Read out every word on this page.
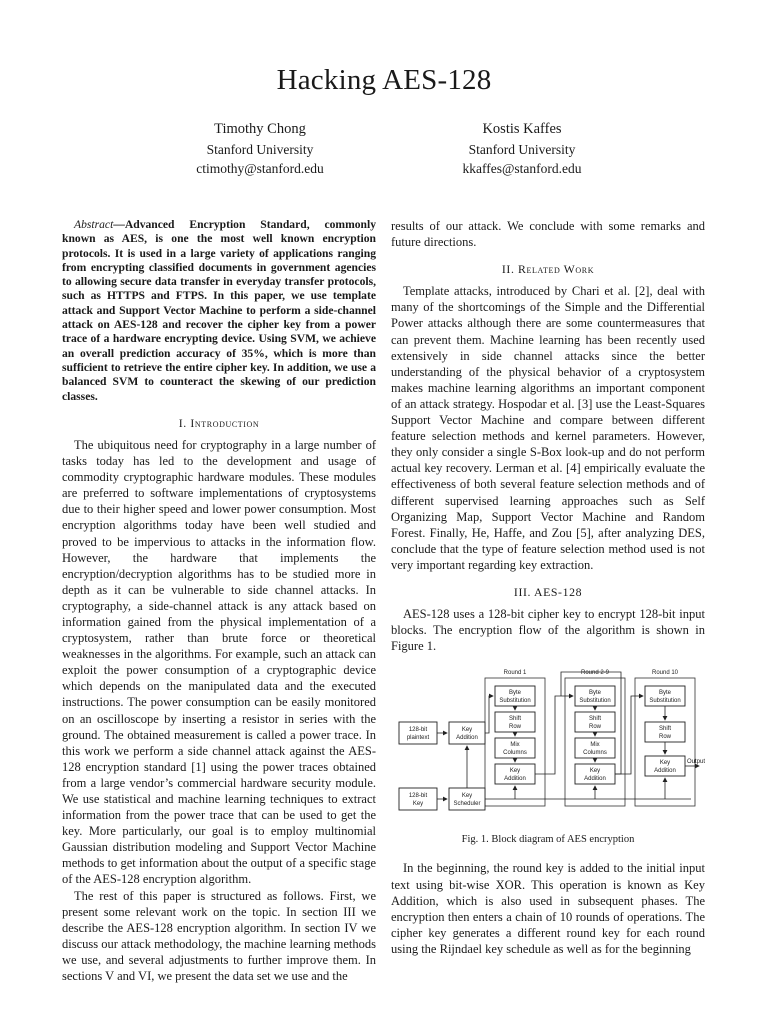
Hacking AES-128
Timothy Chong
Stanford University
ctimothy@stanford.edu
Kostis Kaffes
Stanford University
kkaffes@stanford.edu

Abstract—Advanced Encryption Standard, commonly known as AES, is one the most well known encryption protocols. It is used in a large variety of applications ranging from encrypting classified documents in government agencies to allowing secure data transfer in everyday transfer protocols, such as HTTPS and FTPS. In this paper, we use template attack and Support Vector Machine to perform a side-channel attack on AES-128 and recover the cipher key from a power trace of a hardware encrypting device. Using SVM, we achieve an overall prediction accuracy of 35%, which is more than sufficient to retrieve the entire cipher key. In addition, we use a balanced SVM to counteract the skewing of our prediction classes.

I. Introduction

The ubiquitous need for cryptography in a large number of tasks today has led to the development and usage of commodity cryptographic hardware modules. These modules are preferred to software implementations of cryptosystems due to their higher speed and lower power consumption. Most encryption algorithms today have been well studied and proved to be impervious to attacks in the information flow. However, the hardware that implements the encryption/decryption algorithms has to be studied more in depth as it can be vulnerable to side channel attacks. In cryptography, a side-channel attack is any attack based on information gained from the physical implementation of a cryptosystem, rather than brute force or theoretical weaknesses in the algorithms. For example, such an attack can exploit the power consumption of a cryptographic device which depends on the manipulated data and the executed instructions. The power consumption can be easily monitored on an oscilloscope by inserting a resistor in series with the ground. The obtained measurement is called a power trace. In this work we perform a side channel attack against the AES-128 encryption standard [1] using the power traces obtained from a large vendor’s commercial hardware security module. We use statistical and machine learning techniques to extract information from the power trace that can be used to get the key. More particularly, our goal is to employ multinomial Gaussian distribution modeling and Support Vector Machine methods to get information about the output of a specific stage of the AES-128 encryption algorithm.

The rest of this paper is structured as follows. First, we present some relevant work on the topic. In section III we describe the AES-128 encryption algorithm. In section IV we discuss our attack methodology, the machine learning methods we use, and several adjustments to further improve them. In sections V and VI, we present the data set we use and the

results of our attack. We conclude with some remarks and future directions.

II. Related Work

Template attacks, introduced by Chari et al. [2], deal with many of the shortcomings of the Simple and the Differential Power attacks although there are some countermeasures that can prevent them. Machine learning has been recently used extensively in side channel attacks since the better understanding of the physical behavior of a cryptosystem makes machine learning algorithms an important component of an attack strategy. Hospodar et al. [3] use the Least-Squares Support Vector Machine and compare between different feature selection methods and kernel parameters. However, they only consider a single S-Box look-up and do not perform actual key recovery. Lerman et al. [4] empirically evaluate the effectiveness of both several feature selection methods and of different supervised learning approaches such as Self Organizing Map, Support Vector Machine and Random Forest. Finally, He, Haffe, and Zou [5], after analyzing DES, conclude that the type of feature selection method used is not very important regarding key extraction.

III. AES-128

AES-128 uses a 128-bit cipher key to encrypt 128-bit input blocks. The encryption flow of the algorithm is shown in Figure 1.

Round 1	Round 2-9	Round 10
128-bit
plaintext
Key
Addition
128-bit
Key
Key
Scheduler
Byte
Substitution
Shift
Row
Mix
Columns
Key
Addition
Byte
Substitution
Shift
Row
Mix
Columns
Key
Addition
Byte
Substitution
Shift
Row
Key
Addition
Output
Fig. 1. Block diagram of AES encryption

In the beginning, the round key is added to the initial input text using bit-wise XOR. This operation is known as Key Addition, which is also used in subsequent phases. The encryption then enters a chain of 10 rounds of operations. The cipher key generates a different round key for each round using the Rijndael key schedule as well as for the beginning
